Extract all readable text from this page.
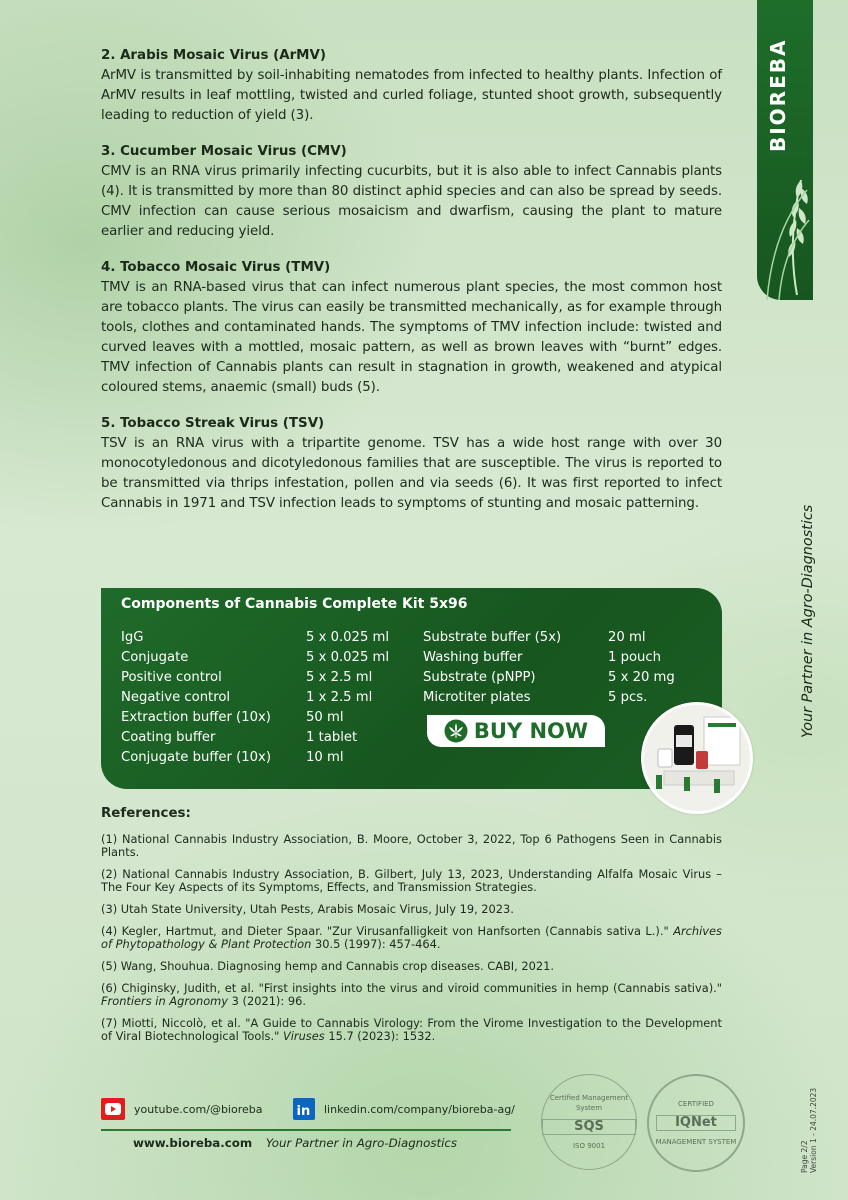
BIOREBA
Your Partner in Agro-Diagnostics
2. Arabis Mosaic Virus (ArMV)

ArMV is transmitted by soil-inhabiting nematodes from infected to healthy plants. Infection of ArMV results in leaf mottling, twisted and curled foliage, stunted shoot growth, subsequently leading to reduction of yield (3).

3. Cucumber Mosaic Virus (CMV)

CMV is an RNA virus primarily infecting cucurbits, but it is also able to infect Cannabis plants (4). It is transmitted by more than 80 distinct aphid species and can also be spread by seeds. CMV infection can cause serious mosaicism and dwarfism, causing the plant to mature earlier and reducing yield.

4. Tobacco Mosaic Virus (TMV)

TMV is an RNA-based virus that can infect numerous plant species, the most common host are tobacco plants. The virus can easily be transmitted mechanically, as for example through tools, clothes and contaminated hands. The symptoms of TMV infection include: twisted and curved leaves with a mottled, mosaic pattern, as well as brown leaves with “burnt” edges. TMV infection of Cannabis plants can result in stagnation in growth, weakened and atypical coloured stems, anaemic (small) buds (5).

5. Tobacco Streak Virus (TSV)

TSV is an RNA virus with a tripartite genome. TSV has a wide host range with over 30 monocotyledonous and dicotyledonous families that are susceptible. The virus is reported to be transmitted via thrips infestation, pollen and via seeds (6). It was first reported to infect Cannabis in 1971 and TSV infection leads to symptoms of stunting and mosaic patterning.

Components of Cannabis Complete Kit 5x96
IgG
Conjugate
Positive control
Negative control
Extraction buffer (10x)
Coating buffer
Conjugate buffer (10x)
5 x 0.025 ml
5 x 0.025 ml
5 x 2.5 ml
1 x 2.5 ml
50 ml
1 tablet
10 ml
Substrate buffer (5x)
Washing buffer
Substrate (pNPP)
Microtiter plates
20 ml
1 pouch
5 x 20 mg
5 pcs.
BUY NOW
References:
(1) National Cannabis Industry Association, B. Moore, October 3, 2022, Top 6 Pathogens Seen in Cannabis Plants.
(2) National Cannabis Industry Association, B. Gilbert, July 13, 2023, Understanding Alfalfa Mosaic Virus – The Four Key Aspects of its Symptoms, Effects, and Transmission Strategies.
(3) Utah State University, Utah Pests, Arabis Mosaic Virus, July 19, 2023.
(4) Kegler, Hartmut, and Dieter Spaar. "Zur Virusanfalligkeit von Hanfsorten (Cannabis sativa L.)." Archives of Phytopathology & Plant Protection 30.5 (1997): 457-464.
(5) Wang, Shouhua. Diagnosing hemp and Cannabis crop diseases. CABI, 2021.
(6) Chiginsky, Judith, et al. "First insights into the virus and viroid communities in hemp (Cannabis sativa)." Frontiers in Agronomy 3 (2021): 96.
(7) Miotti, Niccolò, et al. "A Guide to Cannabis Virology: From the Virome Investigation to the Development of Viral Biotechnological Tools." Viruses 15.7 (2023): 1532.
youtube.com/@bioreba	in linkedin.com/company/bioreba-ag/
www.bioreba.com Your Partner in Agro-Diagnostics
Certified Management System
SQS
ISO 9001
CERTIFIED
IQNet
MANAGEMENT SYSTEM	Page 2/2 Version 1 - 24.07.2023
